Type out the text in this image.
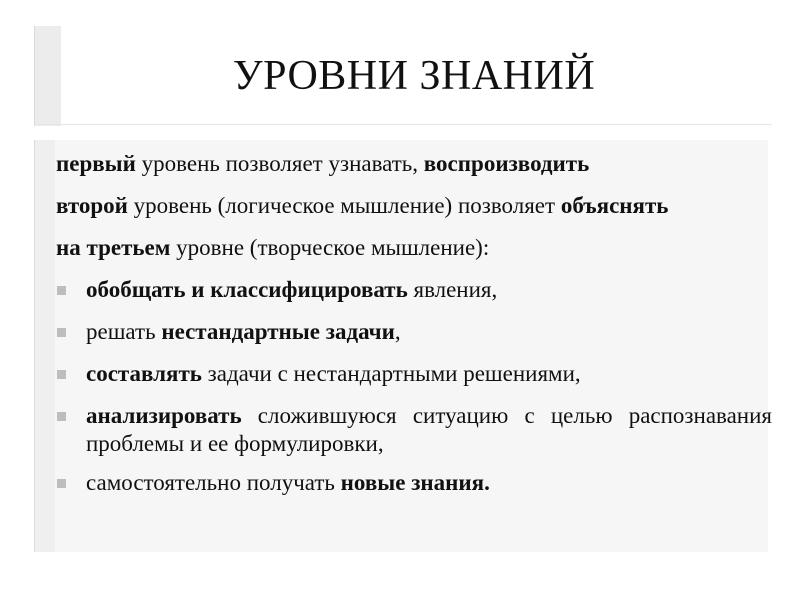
УРОВНИ ЗНАНИЙ

первый уровень позволяет узнавать, воспроизводить

второй уровень (логическое мышление) позволяет объяснять

на третьем уровне (творческое мышление):

обобщать и классифицировать явления,
решать нестандартные задачи,
составлять задачи с нестандартными решениями,
анализировать сложившуюся ситуацию с целью распознавания проблемы и ее формулировки,
самостоятельно получать новые знания.
